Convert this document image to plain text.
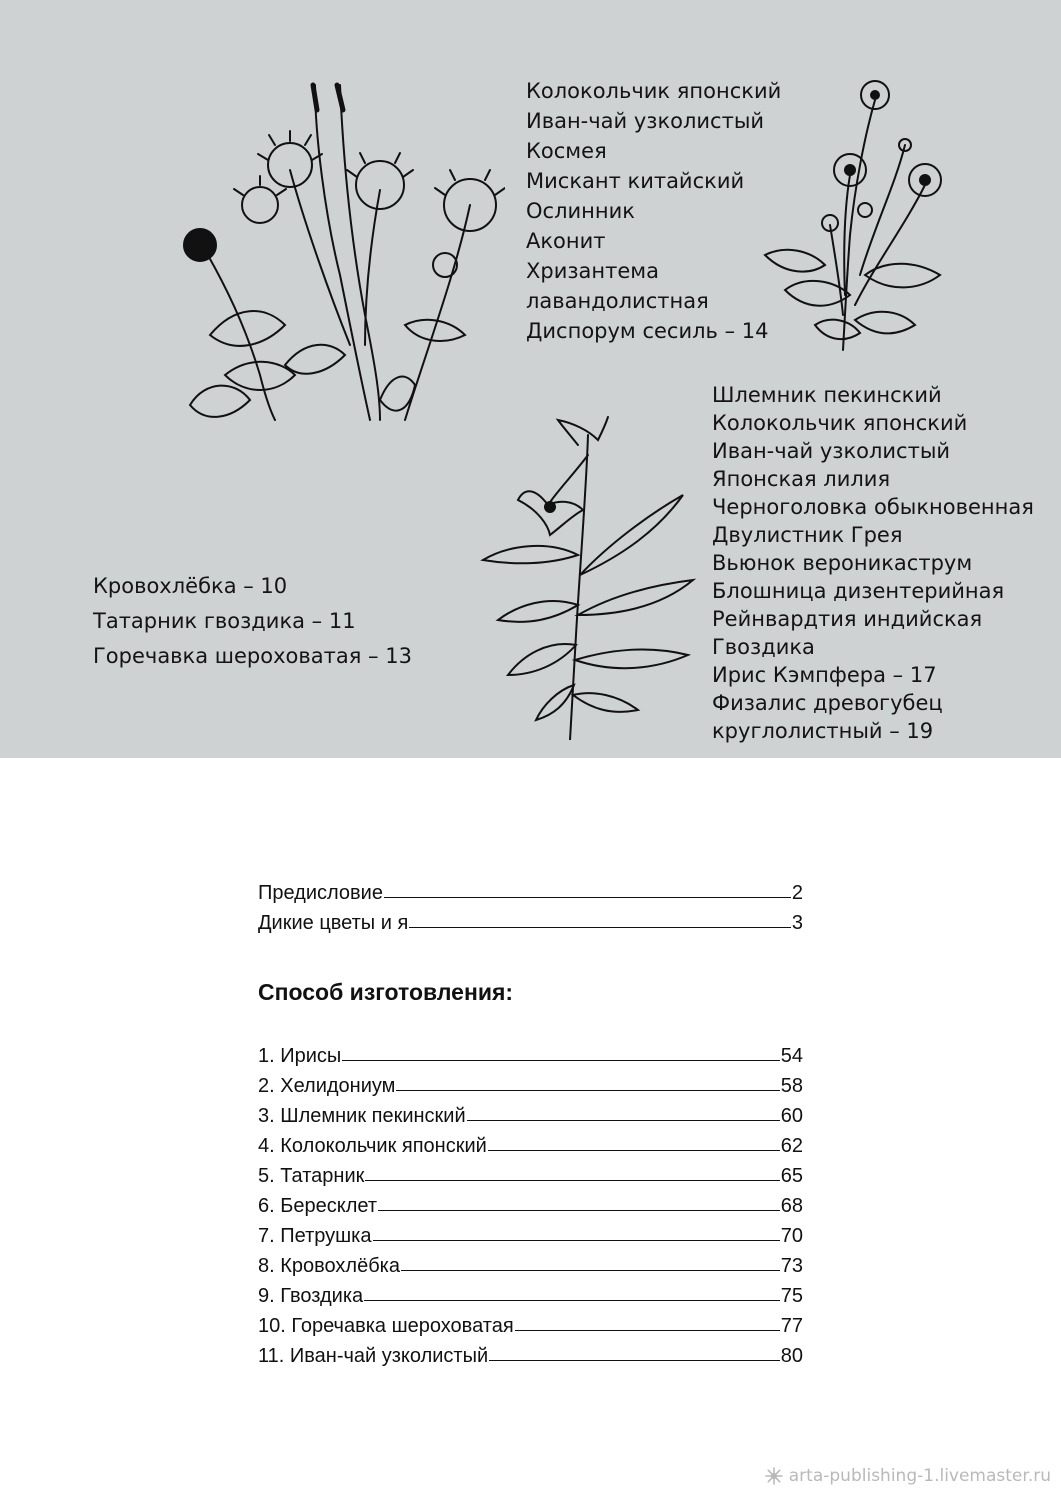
Колокольчик японский
Иван-чай узколистый
Космея
Мискант китайский
Ослинник
Аконит
Хризантема
лавандолистная
Диспорум сесиль – 14
Шлемник пекинский
Колокольчик японский
Иван-чай узколистый
Японская лилия
Черноголовка обыкновенная
Двулистник Грея
Вьюнок вероникаструм
Блошница дизентерийная
Рейнвардтия индийская
Гвоздика
Ирис Кэмпфера – 17
Физалис древогубец
круглолистный – 19
Кровохлёбка – 10
Татарник гвоздика – 11
Горечавка шероховатая – 13
Предисловие	2
Дикие цветы и я	3
Способ изготовления:
1. Ирисы	54
2. Хелидониум	58
3. Шлемник пекинский	60
4. Колокольчик японский	62
5. Татарник	65
6. Бересклет	68
7. Петрушка	70
8. Кровохлёбка	73
9. Гвоздика	75
10. Горечавка шероховатая	77
11. Иван-чай узколистый	80
arta-publishing-1.livemaster.ru
